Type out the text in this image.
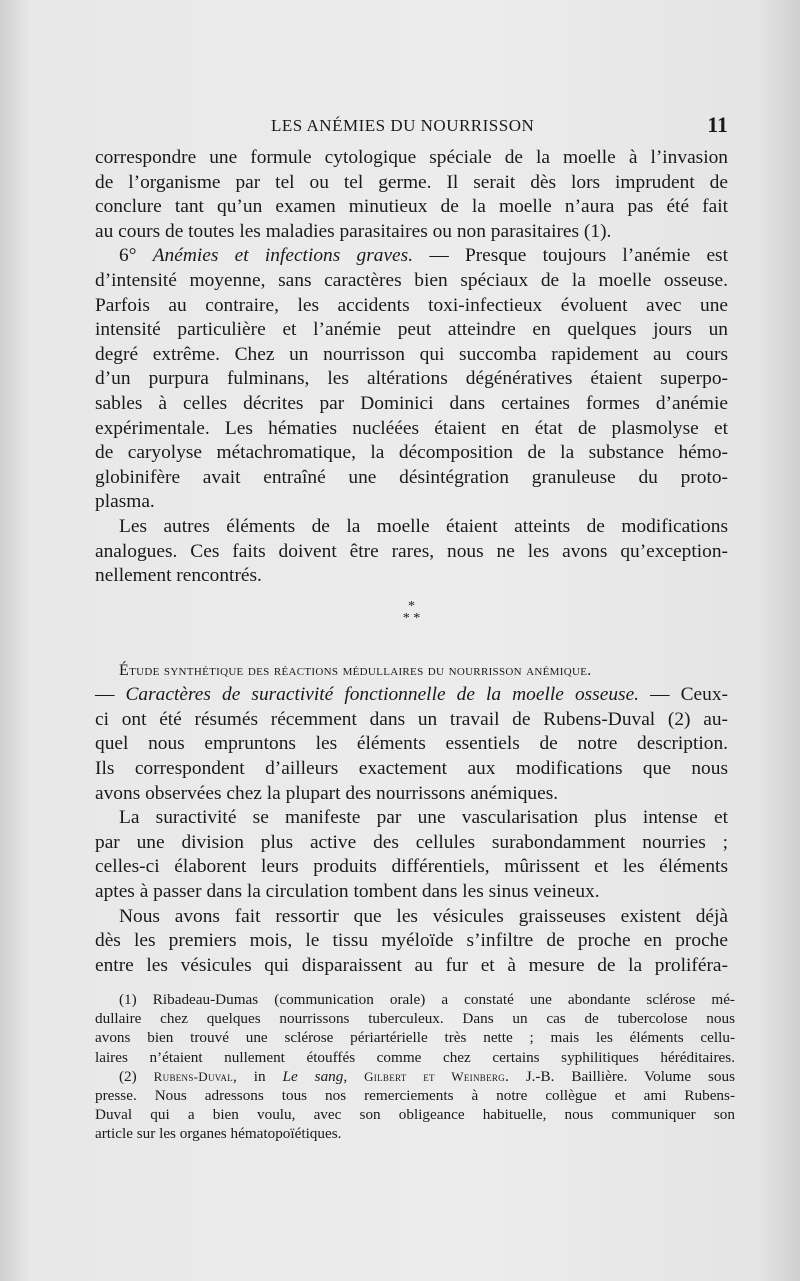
LES ANÉMIES DU NOURRISSON	11

correspondre une formule cytologique spéciale de la moelle à l’invasion
de l’organisme par tel ou tel germe. Il serait dès lors imprudent de
conclure tant qu’un examen minutieux de la moelle n’aura pas été fait
au cours de toutes les maladies parasitaires ou non parasitaires (1).

6° Anémies et infections graves. — Presque toujours l’anémie est
d’intensité moyenne, sans caractères bien spéciaux de la moelle osseuse.
Parfois au contraire, les accidents toxi-infectieux évoluent avec une
intensité particulière et l’anémie peut atteindre en quelques jours un
degré extrême. Chez un nourrisson qui succomba rapidement au cours
d’un purpura fulminans, les altérations dégénératives étaient superpo-
sables à celles décrites par Dominici dans certaines formes d’anémie
expérimentale. Les hématies nucléées étaient en état de plasmolyse et
de caryolyse métachromatique, la décomposition de la substance hémo-
globinifère avait entraîné une désintégration granuleuse du proto-
plasma.

Les autres éléments de la moelle étaient atteints de modifications
analogues. Ces faits doivent être rares, nous ne les avons qu’exception-
nellement rencontrés.

*
* *

Étude synthétique des réactions médullaires du nourrisson anémique.
— Caractères de suractivité fonctionnelle de la moelle osseuse. — Ceux-
ci ont été résumés récemment dans un travail de Rubens-Duval (2) au-
quel nous empruntons les éléments essentiels de notre description.
Ils correspondent d’ailleurs exactement aux modifications que nous
avons observées chez la plupart des nourrissons anémiques.

La suractivité se manifeste par une vascularisation plus intense et
par une division plus active des cellules surabondamment nourries ;
celles-ci élaborent leurs produits différentiels, mûrissent et les éléments
aptes à passer dans la circulation tombent dans les sinus veineux.

Nous avons fait ressortir que les vésicules graisseuses existent déjà
dès les premiers mois, le tissu myéloïde s’infiltre de proche en proche
entre les vésicules qui disparaissent au fur et à mesure de la proliféra-

(1) Ribadeau-Dumas (communication orale) a constaté une abondante sclérose mé-
dullaire chez quelques nourrissons tuberculeux. Dans un cas de tubercolose nous
avons bien trouvé une sclérose périartérielle très nette ; mais les éléments cellu-
laires n’étaient nullement étouffés comme chez certains syphilitiques héréditaires.

(2) Rubens-Duval, in Le sang, Gilbert et Weinberg. J.-B. Baillière. Volume sous
presse. Nous adressons tous nos remerciements à notre collègue et ami Rubens-
Duval qui a bien voulu, avec son obligeance habituelle, nous communiquer son
article sur les organes hématopoïétiques.
